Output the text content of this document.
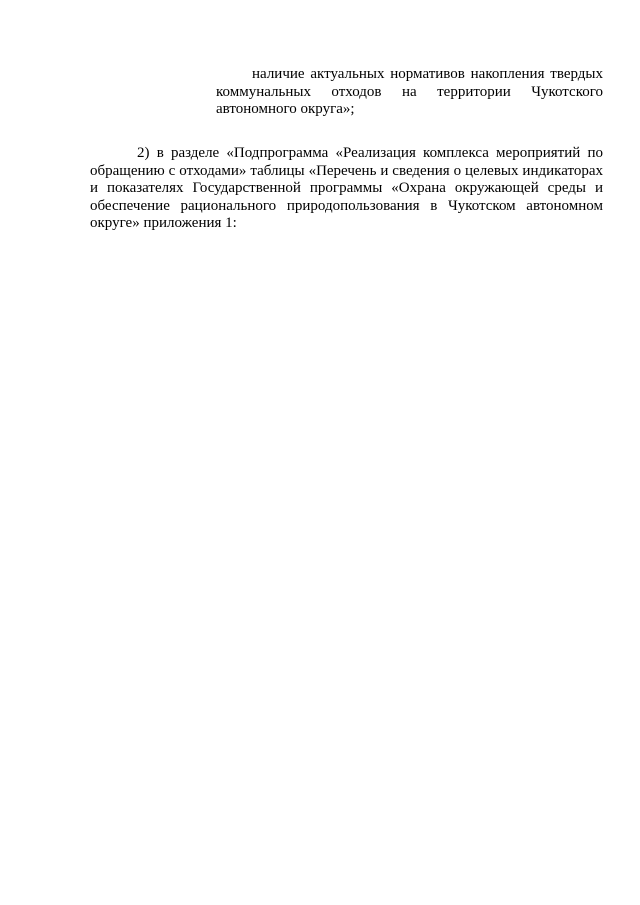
наличие актуальных нормативов накопления твердых коммунальных отходов на территории Чукотского автономного округа»;

2) в разделе «Подпрограмма «Реализация комплекса мероприятий по обращению с отходами» таблицы «Перечень и сведения о целевых индикаторах и показателях Государственной программы «Охрана окружающей среды и обеспечение рационального природопользования в Чукотском автономном округе» приложения 1:
